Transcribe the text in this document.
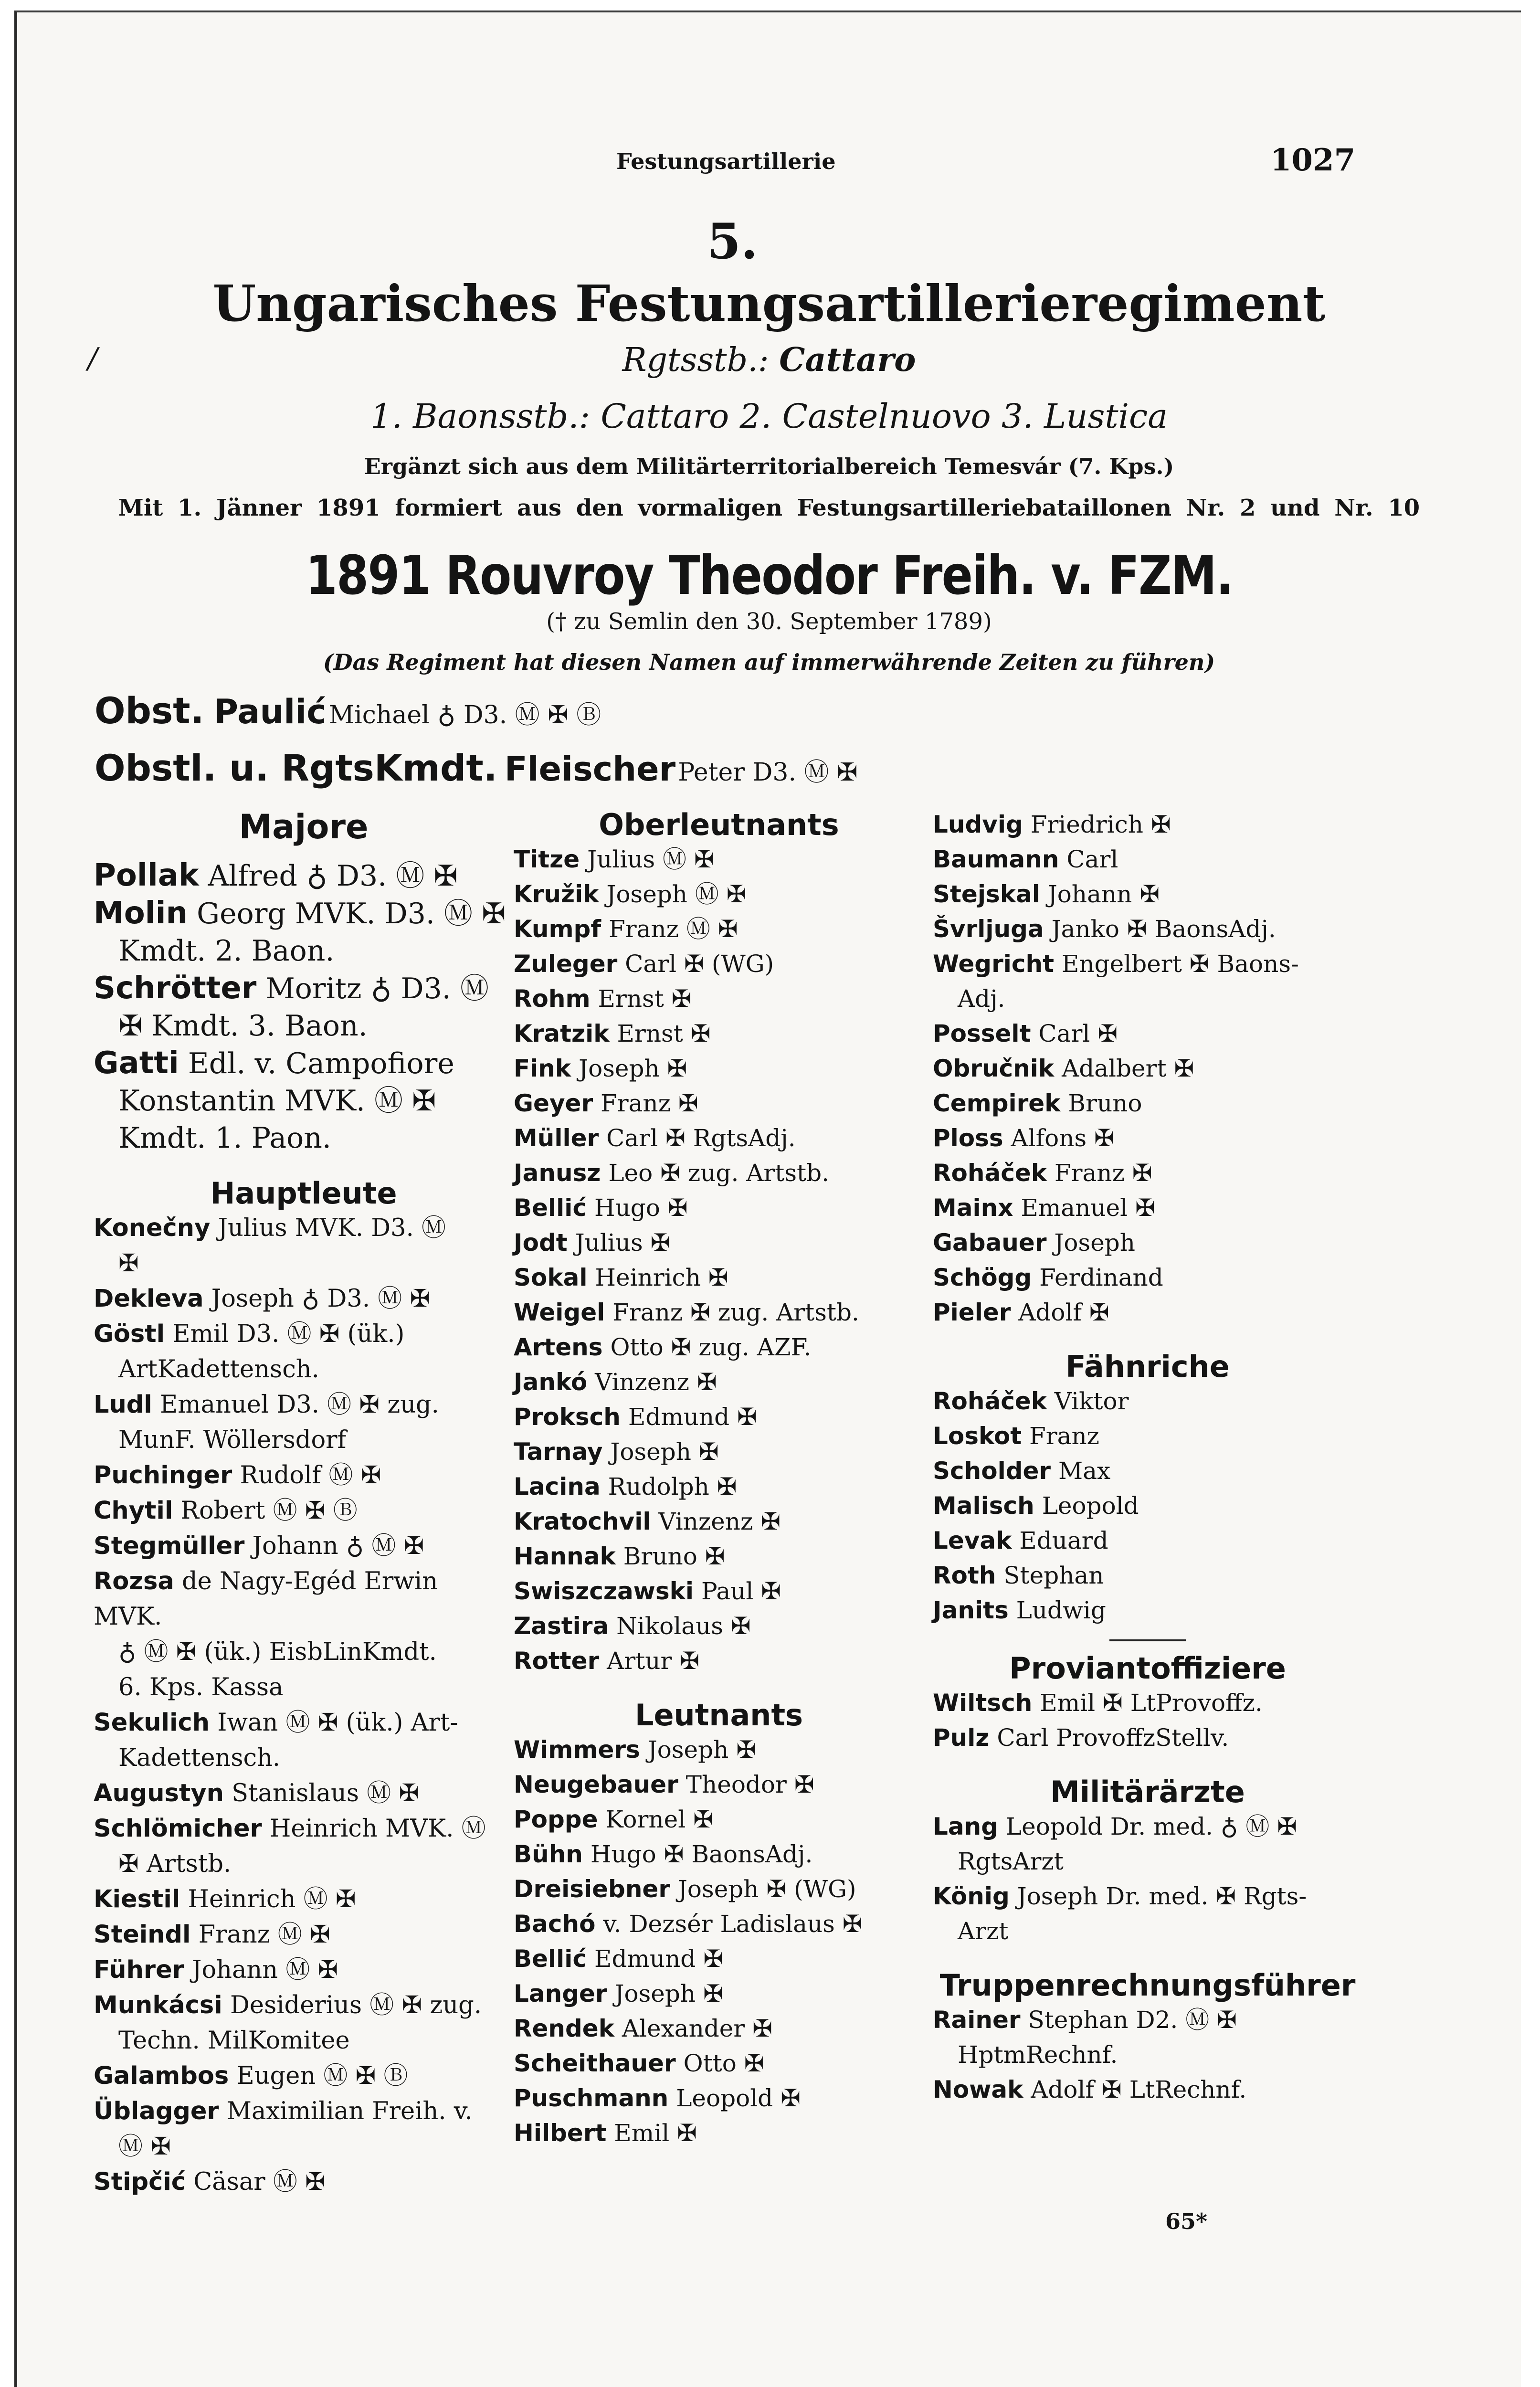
Festungsartillerie	1027
/
5.
Ungarisches Festungsartillerieregiment
Rgtsstb.: Cattaro
1. Baonsstb.: Cattaro 2. Castelnuovo 3. Lustica
Ergänzt sich aus dem Militärterritorialbereich Temesvár (7. Kps.)
Mit 1. Jänner 1891 formiert aus den vormaligen Festungsartilleriebataillonen Nr. 2 und Nr. 10
1891 Rouvroy Theodor Freih. v. FZM.
(† zu Semlin den 30. September 1789)
(Das Regiment hat diesen Namen auf immerwährende Zeiten zu führen)
Obst. Paulić Michael ♁ D3. Ⓜ ✠ Ⓑ
Obstl. u. RgtsKmdt. Fleischer Peter D3. Ⓜ ✠
Majore
Pollak Alfred ♁ D3. Ⓜ ✠
Molin Georg MVK. D3. Ⓜ ✠
Kmdt. 2. Baon.
Schrötter Moritz ♁ D3. Ⓜ
✠ Kmdt. 3. Baon.
Gatti Edl. v. Campofiore
Konstantin MVK. Ⓜ ✠
Kmdt. 1. Paon.
Hauptleute
Konečny Julius MVK. D3. Ⓜ
✠
Dekleva Joseph ♁ D3. Ⓜ ✠
Göstl Emil D3. Ⓜ ✠ (ük.)
ArtKadettensch.
Ludl Emanuel D3. Ⓜ ✠ zug.
MunF. Wöllersdorf
Puchinger Rudolf Ⓜ ✠
Chytil Robert Ⓜ ✠ Ⓑ
Stegmüller Johann ♁ Ⓜ ✠
Rozsa de Nagy-Egéd Erwin MVK.
♁ Ⓜ ✠ (ük.) EisbLinKmdt.
6. Kps. Kassa
Sekulich Iwan Ⓜ ✠ (ük.) Art-
Kadettensch.
Augustyn Stanislaus Ⓜ ✠
Schlömicher Heinrich MVK. Ⓜ
✠ Artstb.
Kiestil Heinrich Ⓜ ✠
Steindl Franz Ⓜ ✠
Führer Johann Ⓜ ✠
Munkácsi Desiderius Ⓜ ✠ zug.
Techn. MilKomitee
Galambos Eugen Ⓜ ✠ Ⓑ
Üblagger Maximilian Freih. v.
Ⓜ ✠
Stipčić Cäsar Ⓜ ✠
Oberleutnants
Titze Julius Ⓜ ✠
Kružik Joseph Ⓜ ✠
Kumpf Franz Ⓜ ✠
Zuleger Carl ✠ (WG)
Rohm Ernst ✠
Kratzik Ernst ✠
Fink Joseph ✠
Geyer Franz ✠
Müller Carl ✠ RgtsAdj.
Janusz Leo ✠ zug. Artstb.
Bellić Hugo ✠
Jodt Julius ✠
Sokal Heinrich ✠
Weigel Franz ✠ zug. Artstb.
Artens Otto ✠ zug. AZF.
Jankó Vinzenz ✠
Proksch Edmund ✠
Tarnay Joseph ✠
Lacina Rudolph ✠
Kratochvil Vinzenz ✠
Hannak Bruno ✠
Swiszczawski Paul ✠
Zastira Nikolaus ✠
Rotter Artur ✠
Leutnants
Wimmers Joseph ✠
Neugebauer Theodor ✠
Poppe Kornel ✠
Bühn Hugo ✠ BaonsAdj.
Dreisiebner Joseph ✠ (WG)
Bachó v. Dezsér Ladislaus ✠
Bellić Edmund ✠
Langer Joseph ✠
Rendek Alexander ✠
Scheithauer Otto ✠
Puschmann Leopold ✠
Hilbert Emil ✠
Ludvig Friedrich ✠
Baumann Carl
Stejskal Johann ✠
Švrljuga Janko ✠ BaonsAdj.
Wegricht Engelbert ✠ Baons-
Adj.
Posselt Carl ✠
Obručnik Adalbert ✠
Cempirek Bruno
Ploss Alfons ✠
Roháček Franz ✠
Mainx Emanuel ✠
Gabauer Joseph
Schögg Ferdinand
Pieler Adolf ✠
Fähnriche
Roháček Viktor
Loskot Franz
Scholder Max
Malisch Leopold
Levak Eduard
Roth Stephan
Janits Ludwig
Proviantoffiziere
Wiltsch Emil ✠ LtProvoffz.
Pulz Carl ProvoffzStellv.
Militärärzte
Lang Leopold Dr. med. ♁ Ⓜ ✠
RgtsArzt
König Joseph Dr. med. ✠ Rgts-
Arzt
Truppenrechnungsführer
Rainer Stephan D2. Ⓜ ✠
HptmRechnf.
Nowak Adolf ✠ LtRechnf.
65*
